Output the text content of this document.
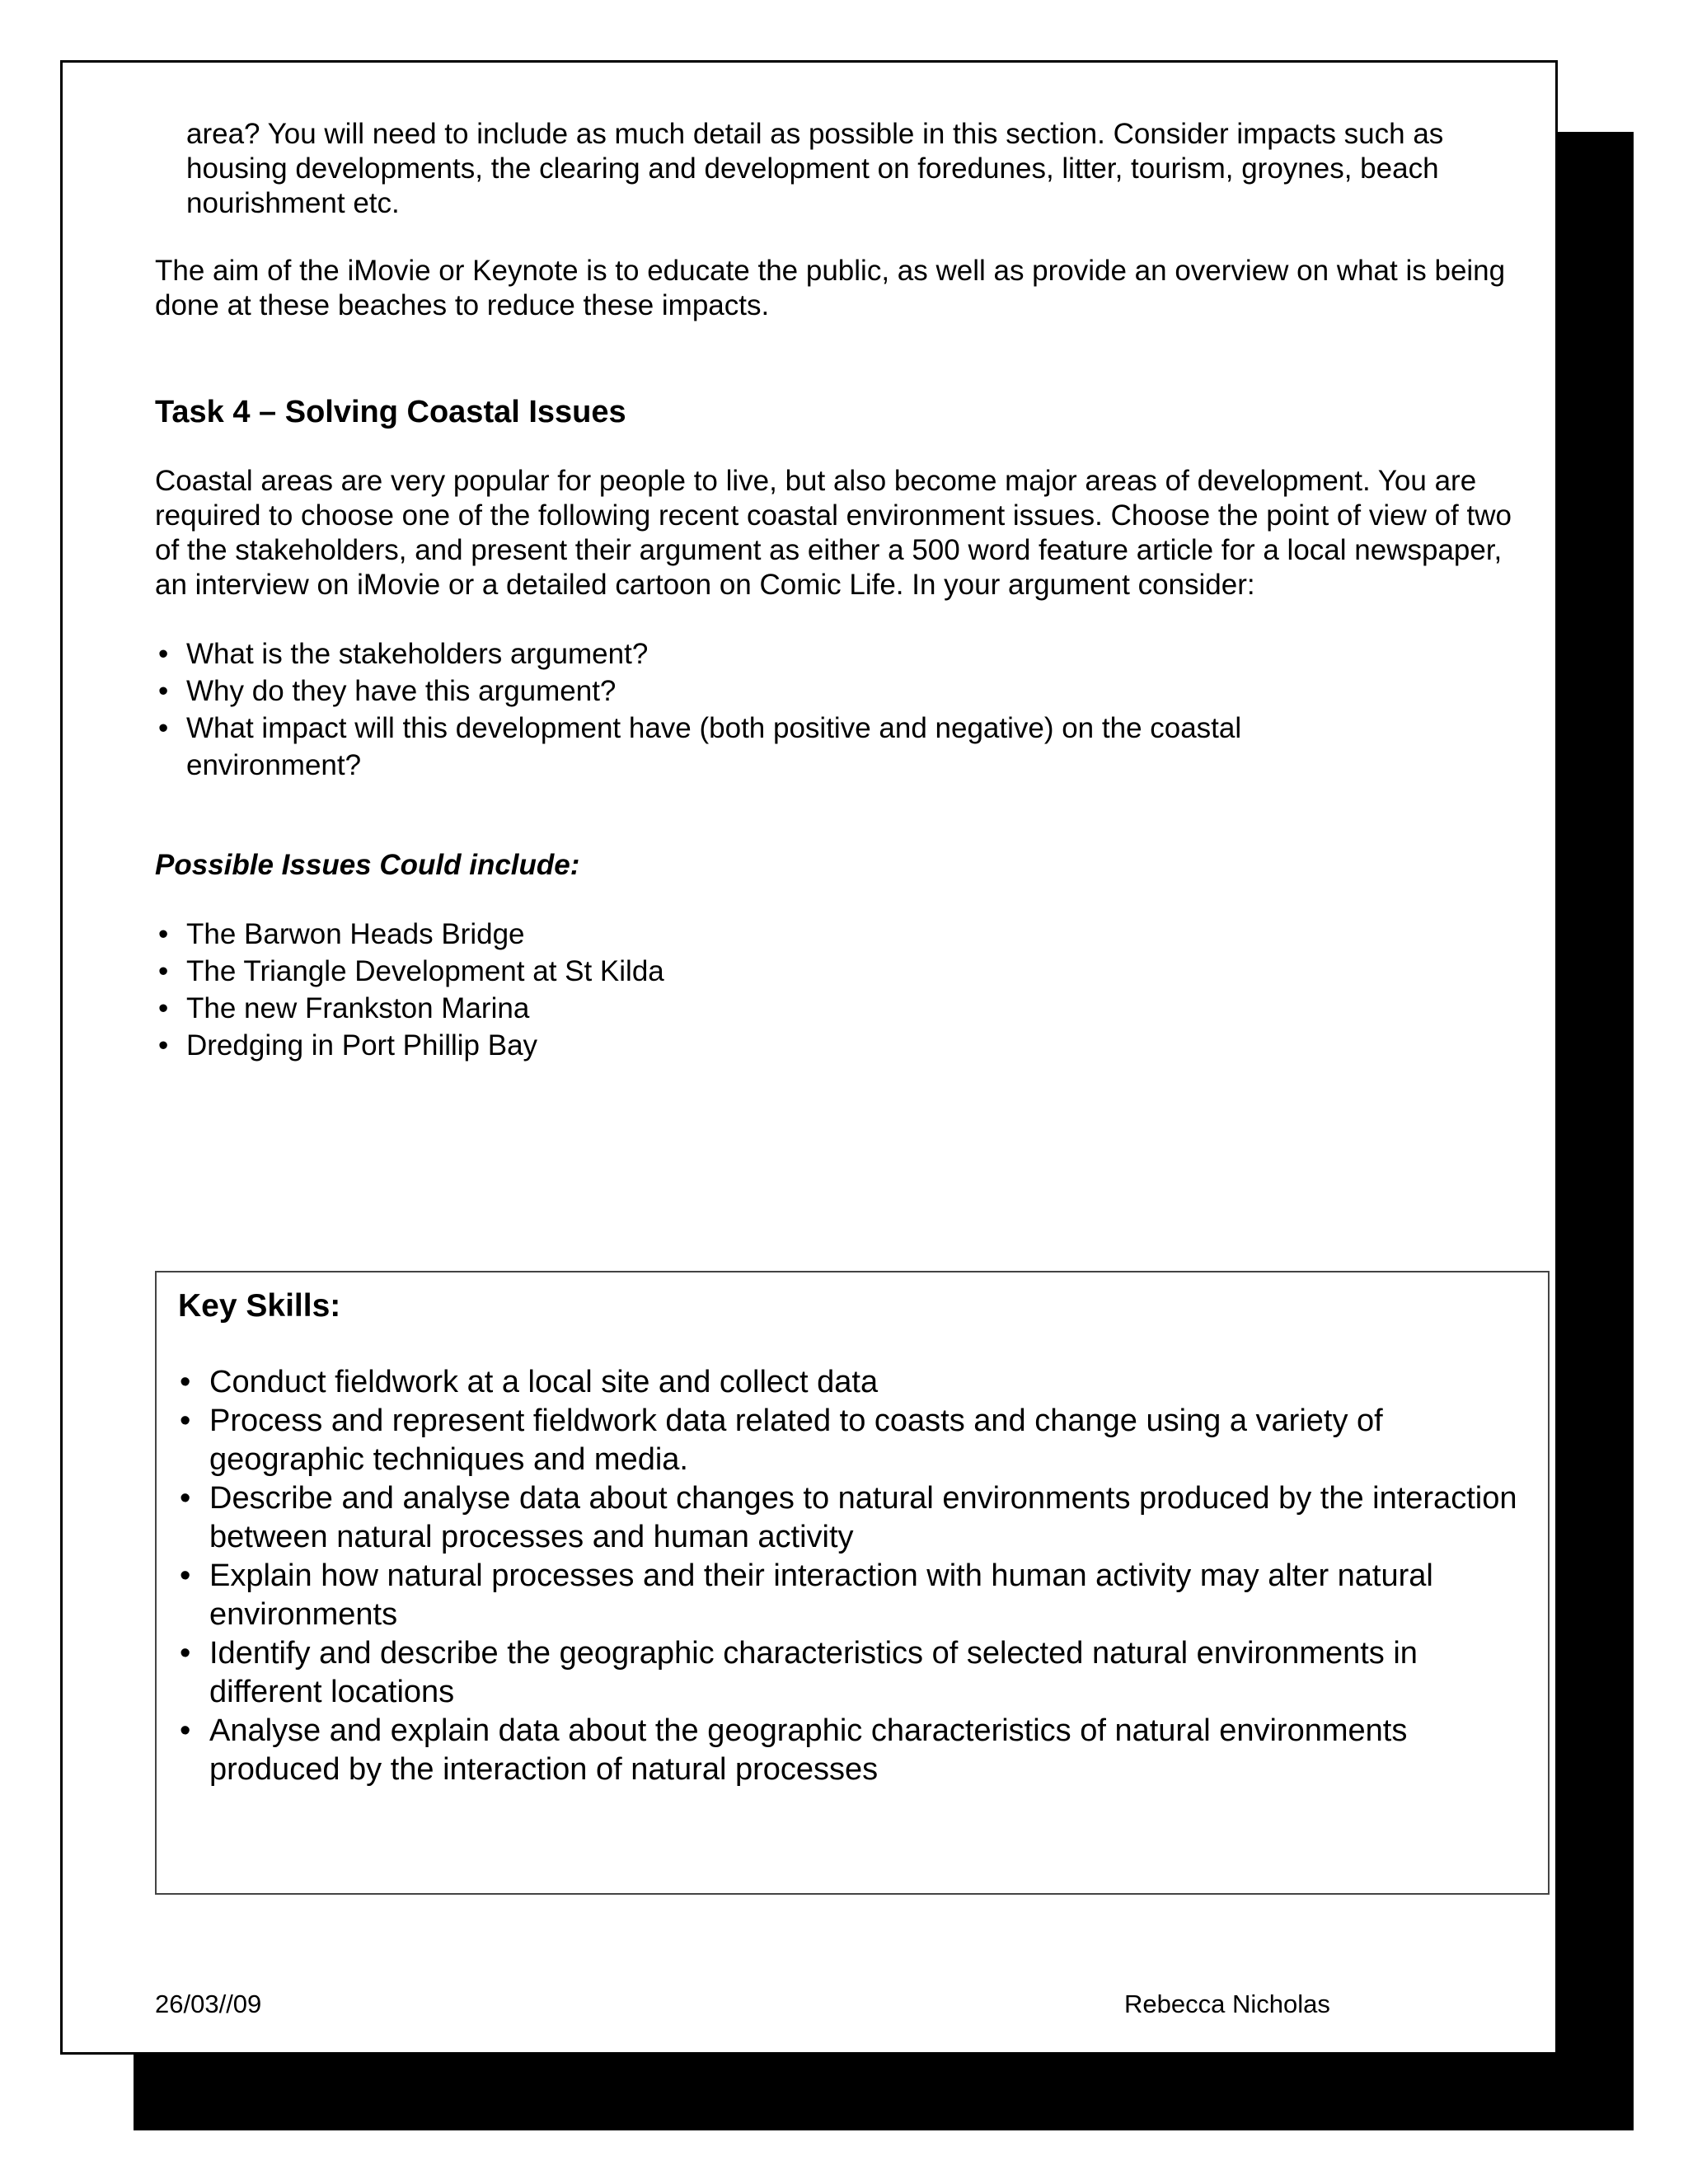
area? You will need to include as much detail as possible in this section. Consider impacts such as housing developments, the clearing and development on foredunes, litter, tourism, groynes, beach nourishment etc.

The aim of the iMovie or Keynote is to educate the public, as well as provide an overview on what is being done at these beaches to reduce these impacts.

Task 4 – Solving Coastal Issues

Coastal areas are very popular for people to live, but also become major areas of development. You are required to choose one of the following recent coastal environment issues. Choose the point of view of two of the stakeholders, and present their argument as either a 500 word feature article for a local newspaper, an interview on iMovie or a detailed cartoon on Comic Life. In your argument consider:

• What is the stakeholders argument?
• Why do they have this argument?
• What impact will this development have (both positive and negative) on the coastal environment?
Possible Issues Could include:
• The Barwon Heads Bridge
• The Triangle Development at St Kilda
• The new Frankston Marina
• Dredging in Port Phillip Bay
Key Skills:
• Conduct fieldwork at a local site and collect data
• Process and represent fieldwork data related to coasts and change using a variety of geographic techniques and media.
• Describe and analyse data about changes to natural environments produced by the interaction between natural processes and human activity
• Explain how natural processes and their interaction with human activity may alter natural environments
• Identify and describe the geographic characteristics of selected natural environments in different locations
• Analyse and explain data about the geographic characteristics of natural environments produced by the interaction of natural processes
26/03//09	Rebecca Nicholas
